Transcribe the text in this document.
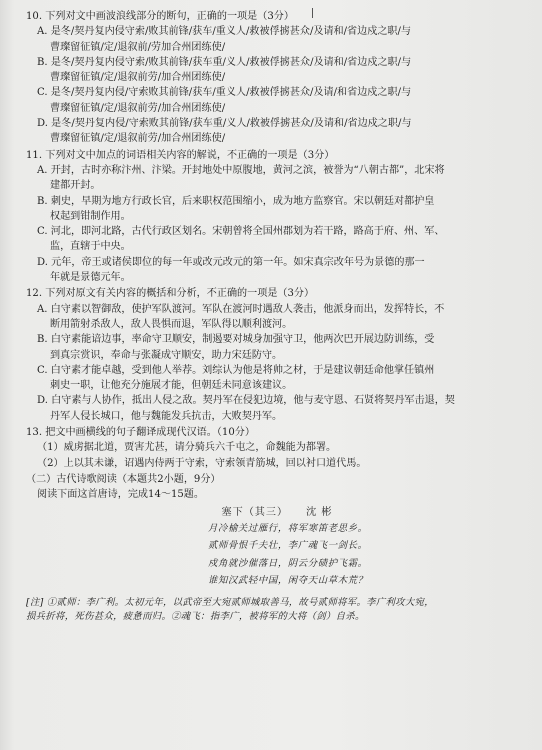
10. 下列对文中画波浪线部分的断句，正确的一项是（3分）
A. 是冬/契丹复内侵守索/败其前锋/获车/重义人/救被俘掳甚众/及请和/省边戍之职/与
曹璨留征镇/定/退叙前/劳加合州团练使/
B. 是冬/契丹复内侵守索/败其前锋/获车重/义人/救被俘掳甚众/及请和/省边戍之职/与
曹璨留征镇/定/退叙前劳/加合州团练使/
C. 是冬/契丹复内侵/守索败其前锋/获车/重义人/救被俘掳甚众/及请/和省边戍之职/与
曹璨留征镇/定/退叙前劳/加合州团练使/
D. 是冬/契丹复内侵/守索败其前锋/获车重/义人/救被俘掳甚众/及请和/省边戍之职/与
曹璨留征镇/定/退叙前劳/加合州团练使/
11. 下列对文中加点的词语相关内容的解说，不正确的一项是（3分）
A. 开封，古时亦称汴州、汴梁。开封地处中原腹地，黄河之滨，被誉为“八朝古都”，北宋将
建都开封。
B. 刺史，早期为地方行政长官，后来职权范围缩小，成为地方监察官。宋以朝廷对都护皇
权起到钳制作用。
C. 河北，即河北路，古代行政区划名。宋朝曾将全国州郡划为若干路，路高于府、州、军、
监，直辖于中央。
D. 元年，帝王或诸侯即位的每一年或改元改元的第一年。如宋真宗改年号为景德的那一
年就是景德元年。
12. 下列对原文有关内容的概括和分析，不正确的一项是（3分）
A. 白守素以智御敌，使护军队渡河。军队在渡河时遇敌人袭击，他派身而出，发挥特长，不
断用箭射杀敌人，敌人畏惧而退，军队得以顺利渡河。
B. 白守素能谙边事，率命守卫顺安，制遏要对城身加强守卫，他两次巴开展边防训练，受
到真宗赏识，奉命与张凝成守顺安，助力宋廷防守。
C. 白守素才能卓越，受到他人举荐。刘综认为他是将帅之材，于是建议朝廷命他掌任镇州
刺史一职，让他充分施展才能，但朝廷未同意该建议。
D. 白守素与人协作，抵出人侵之敌。契丹军在侵犯边境，他与麦守恩、石贤将契丹军击退，契
丹军人侵长城口，他与魏能发兵抗击，大败契丹军。
13. 把文中画横线的句子翻译成现代汉语。（10分）
（1）威虏据北道，贾害尤甚，请分骑兵六千屯之，命魏能为都署。
（2）上以其未谦，诏遇内侍两于守索，守索领青筋城，回以衬口道代馬。
（二）古代诗歌阅读（本题共2小题，9分）
阅读下面这首唐诗，完成14～15题。
塞下（其三） 沈 彬
月冷榆关过雁行，将军寒笛老思乡。
贰师骨恨千夫壮，李广魂飞一剑长。
戍角就沙催落日，阴云分碛护飞霜。
谁知汉武轻中国，闲夺天山草木荒？
[注] ①贰师：李广利。太初元年，以武帝至大宛贰师城取善马，故号贰师将军。李广利攻大宛，
损兵折将，死伤甚众，疲惫而归。②魂飞：指李广，被将军的大将（剑）自杀。
